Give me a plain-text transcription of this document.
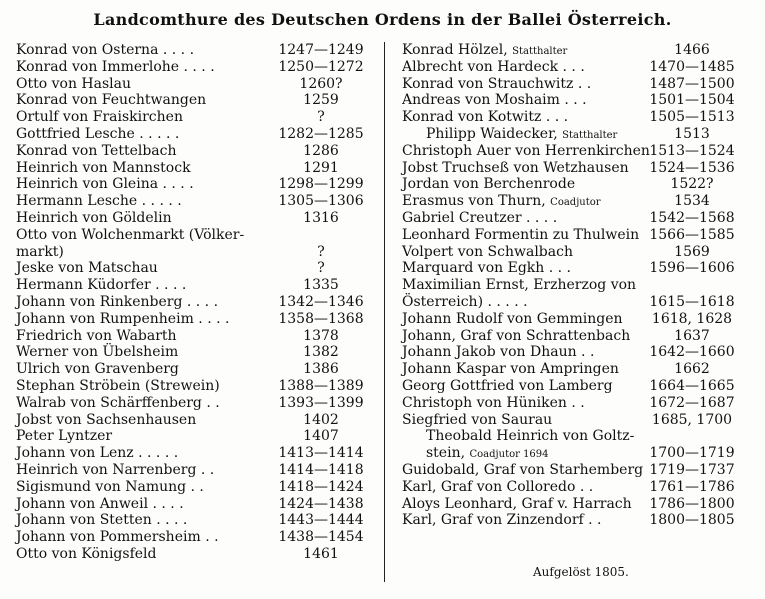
Landcomthure des Deutschen Ordens in der Ballei Österreich.
Konrad von Osterna . . . .	1247—1249
Konrad von Immerlohe . . . .	1250—1272
Otto von Haslau	1260?
Konrad von Feuchtwangen	1259
Ortulf von Fraiskirchen	?
Gottfried Lesche . . . . .	1282—1285
Konrad von Tettelbach	1286
Heinrich von Mannstock	1291
Heinrich von Gleina . . . .	1298—1299
Hermann Lesche . . . . .	1305—1306
Heinrich von Göldelin	1316
Otto von Wolchenmarkt (Völker-
markt)	?
Jeske von Matschau	?
Hermann Küdorfer . . . .	1335
Johann von Rinkenberg . . . .	1342—1346
Johann von Rumpenheim . . . .	1358—1368
Friedrich von Wabarth	1378
Werner von Übelsheim	1382
Ulrich von Gravenberg	1386
Stephan Ströbein (Strewein)	1388—1389
Walrab von Schärffenberg . .	1393—1399
Jobst von Sachsenhausen	1402
Peter Lyntzer	1407
Johann von Lenz . . . . .	1413—1414
Heinrich von Narrenberg . .	1414—1418
Sigismund von Namung . .	1418—1424
Johann von Anweil . . . .	1424—1438
Johann von Stetten . . . .	1443—1444
Johann von Pommersheim . .	1438—1454
Otto von Königsfeld	1461
Konrad Hölzel, Statthalter	1466
Albrecht von Hardeck . . .	1470—1485
Konrad von Strauchwitz . .	1487—1500
Andreas von Moshaim . . .	1501—1504
Konrad von Kotwitz . . .	1505—1513
Philipp Waidecker, Statthalter	1513
Christoph Auer von Herrenkirchen 1513—1524
Jobst Truchseß von Wetzhausen	1524—1536
Jordan von Berchenrode	1522?
Erasmus von Thurn, Coadjutor	1534
Gabriel Creutzer . . . .	1542—1568
Leonhard Formentin zu Thulwein 1566—1585
Volpert von Schwalbach	1569
Marquard von Egkh . . .	1596—1606
Maximilian Ernst, Erzherzog von
Österreich) . . . . .	1615—1618
Johann Rudolf von Gemmingen	1618, 1628
Johann, Graf von Schrattenbach	1637
Johann Jakob von Dhaun . .	1642—1660
Johann Kaspar von Ampringen	1662
Georg Gottfried von Lamberg	1664—1665
Christoph von Hüniken . .	1672—1687
Siegfried von Saurau	1685, 1700
Theobald Heinrich von Goltz-
stein, Coadjutor 1694	1700—1719
Guidobald, Graf von Starhemberg 1719—1737
Karl, Graf von Colloredo . .	1761—1786
Aloys Leonhard, Graf v. Harrach	1786—1800
Karl, Graf von Zinzendorf . .	1800—1805
Aufgelöst 1805.
